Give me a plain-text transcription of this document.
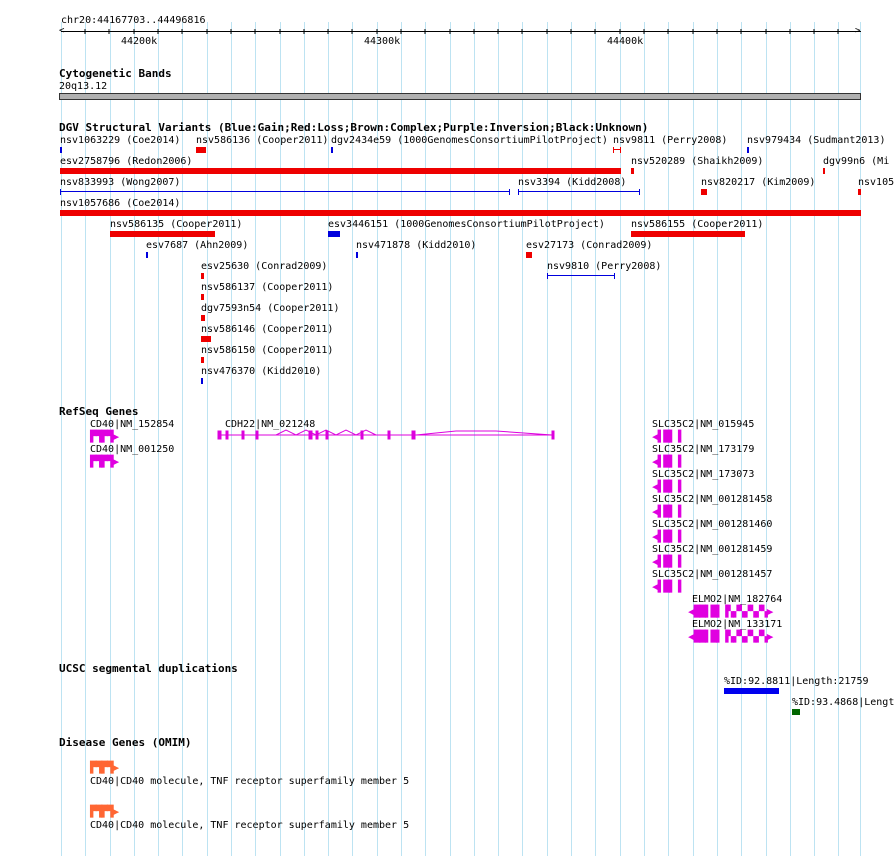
chr20:44167703..44496816
<	>
44200k	44300k	44400k
Cytogenetic Bands
20q13.12
DGV Structural Variants (Blue:Gain;Red:Loss;Brown:Complex;Purple:Inversion;Black:Unknown)
nsv1063229 (Coe2014) nsv586136 (Cooper2011) dgv2434e59 (1000GenomesConsortiumPilotProject) nsv9811 (Perry2008) nsv979434 (Sudmant2013)
esv2758796 (Redon2006)	nsv520289 (Shaikh2009)	dgv99n6 (Mi
nsv833993 (Wong2007)	nsv3394 (Kidd2008)	nsv820217 (Kim2009)	nsv105
nsv1057686 (Coe2014)
nsv586135 (Cooper2011)	esv3446151 (1000GenomesConsortiumPilotProject)	nsv586155 (Cooper2011)
esv7687 (Ahn2009)	nsv471878 (Kidd2010)	esv27173 (Conrad2009)
esv25630 (Conrad2009)	nsv9810 (Perry2008)
nsv586137 (Cooper2011)
dgv7593n54 (Cooper2011)
nsv586146 (Cooper2011)
nsv586150 (Cooper2011)
nsv476370 (Kidd2010)
RefSeq Genes
CD40|NM_152854	CDH22|NM_021248
▛▜▛▜▶
CD40|NM_001250
▛▜▛▜▶
SLC35C2|NM_015945
◀▌█▌▐
SLC35C2|NM_173179
◀▌█▌▐
SLC35C2|NM_173073
◀▌█▌▐
SLC35C2|NM_001281458
◀▌█▌▐
SLC35C2|NM_001281460
◀▌█▌▐
SLC35C2|NM_001281459
◀▌█▌▐
SLC35C2|NM_001281457
◀▌█▌▐
ELMO2|NM_182764
◀██▌█▌▐▚▞▚▞▚▞▚▶
ELMO2|NM_133171
◀██▌█▌▐▚▞▚▞▚▞▚▶
UCSC segmental duplications
%ID:92.8811|Length:21759
%ID:93.4868|Lengt
Disease Genes (OMIM)
▛▜▛▜▶
CD40|CD40 molecule, TNF receptor superfamily member 5
▛▜▛▜▶
CD40|CD40 molecule, TNF receptor superfamily member 5
